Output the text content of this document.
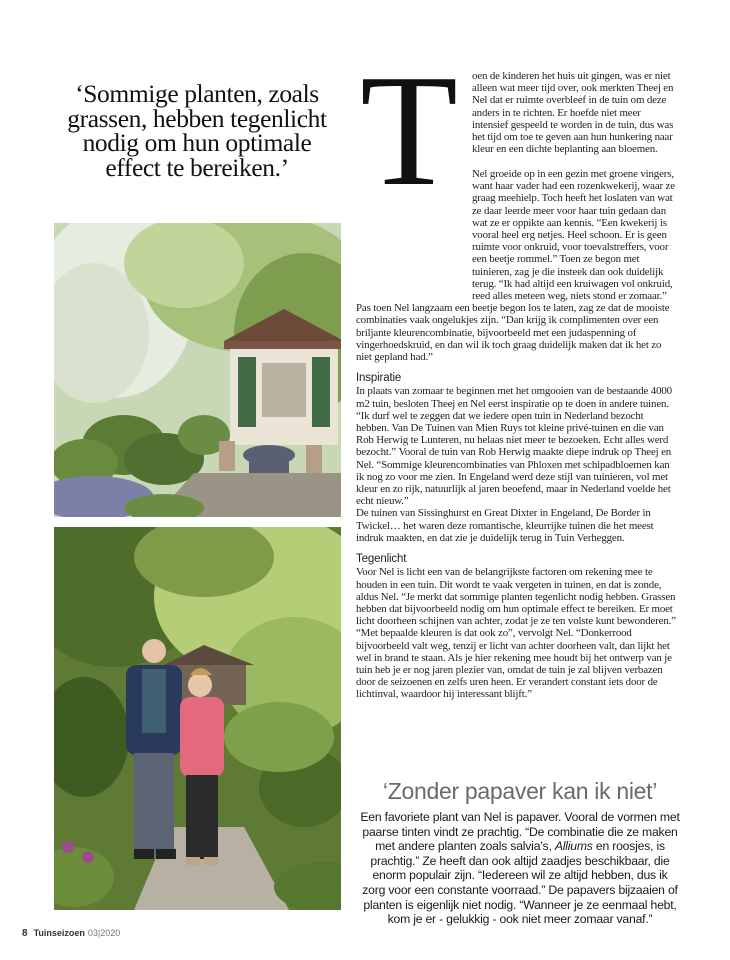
‘Sommige planten, zoals grassen, hebben tegenlicht nodig om hun optimale effect te bereiken.’ T oen de kinderen het huis uit gingen, was er niet alleen wat meer tijd over, ook merkten Theej en Nel dat er ruimte overbleef in de tuin om deze anders in te richten. Er hoefde niet meer intensief gespeeld te worden in de tuin, dus was het tijd om toe te geven aan hun hunkering naar kleur en een dichte beplanting aan bloemen.

Nel groeide op in een gezin met groene vingers, want haar vader had een rozenkwekerij, waar ze graag meehielp. Toch heeft het loslaten van wat ze daar leerde meer voor haar tuin gedaan dan wat ze er oppikte aan kennis. “Een kwekerij is vooral heel erg netjes. Heel schoon. Er is geen ruimte voor onkruid, voor toevalstreffers, voor een beetje rommel.” Toen ze begon met tuinieren, zag je die insteek dan ook duidelijk terug. “Ik had altijd een kruiwagen vol onkruid, reed alles meteen weg, niets stond er zomaar.”

Pas toen Nel langzaam een beetje begon los te laten, zag ze dat de mooiste combinaties vaak ongelukjes zijn. “Dan krijg ik complimenten over een briljante kleurencombinatie, bijvoorbeeld met een judaspenning of vingerhoedskruid, en dan wil ik toch graag duidelijk maken dat ik het zo niet gepland had.”

Inspiratie

In plaats van zomaar te beginnen met het omgooien van de bestaande 4000 m2 tuin, besloten Theej en Nel eerst inspiratie op te doen in andere tuinen. “Ik durf wel te zeggen dat we iedere open tuin in Nederland bezocht hebben. Van De Tuinen van Mien Ruys tot kleine privé-tuinen en die van Rob Herwig te Lunteren, nu helaas niet meer te bezoeken. Echt alles werd bezocht.” Vooral de tuin van Rob Herwig maakte diepe indruk op Theej en Nel. “Sommige kleurencombinaties van Phloxen met schipadbloemen kan ik nog zo voor me zien. In Engeland werd deze stijl van tuinieren, vol met kleur en zo rijk, natuurlijk al jaren beoefend, maar in Nederland voelde het echt nieuw.”

De tuinen van Sissinghurst en Great Dixter in Engeland, De Border in Twickel… het waren deze romantische, kleurrijke tuinen die het meest indruk maakten, en dat zie je duidelijk terug in Tuin Verheggen.

Tegenlicht

Voor Nel is licht een van de belangrijkste factoren om rekening mee te houden in een tuin. Dit wordt te vaak vergeten in tuinen, en dat is zonde, aldus Nel. “Je merkt dat sommige planten tegenlicht nodig hebben. Grassen hebben dat bijvoorbeeld nodig om hun optimale effect te bereiken. Er moet licht doorheen schijnen van achter, zodat je ze ten volste kunt bewonderen.”

“Met bepaalde kleuren is dat ook zo”, vervolgt Nel. “Donkerrood bijvoorbeeld valt weg, tenzij er licht van achter doorheen valt, dan lijkt het wel in brand te staan. Als je hier rekening mee houdt bij het ontwerp van je tuin heb je er nog jaren plezier van, omdat de tuin je zal blijven verbazen door de seizoenen en zelfs uren heen. Er verandert constant iets door de lichtinval, waardoor hij interessant blijft.”

‘Zonder papaver kan ik niet’
Een favoriete plant van Nel is papaver. Vooral de vormen met paarse tinten vindt ze prachtig. “De combinatie die ze maken met andere planten zoals salvia’s, Alliums en roosjes, is prachtig.” Ze heeft dan ook altijd zaadjes beschikbaar, die enorm populair zijn. “Iedereen wil ze altijd hebben, dus ik zorg voor een constante voorraad.” De papavers bijzaaien of planten is eigenlijk niet nodig. “Wanneer je ze eenmaal hebt, kom je er - gelukkig - ook niet meer zomaar vanaf.”
8 Tuinseizoen 03|2020
